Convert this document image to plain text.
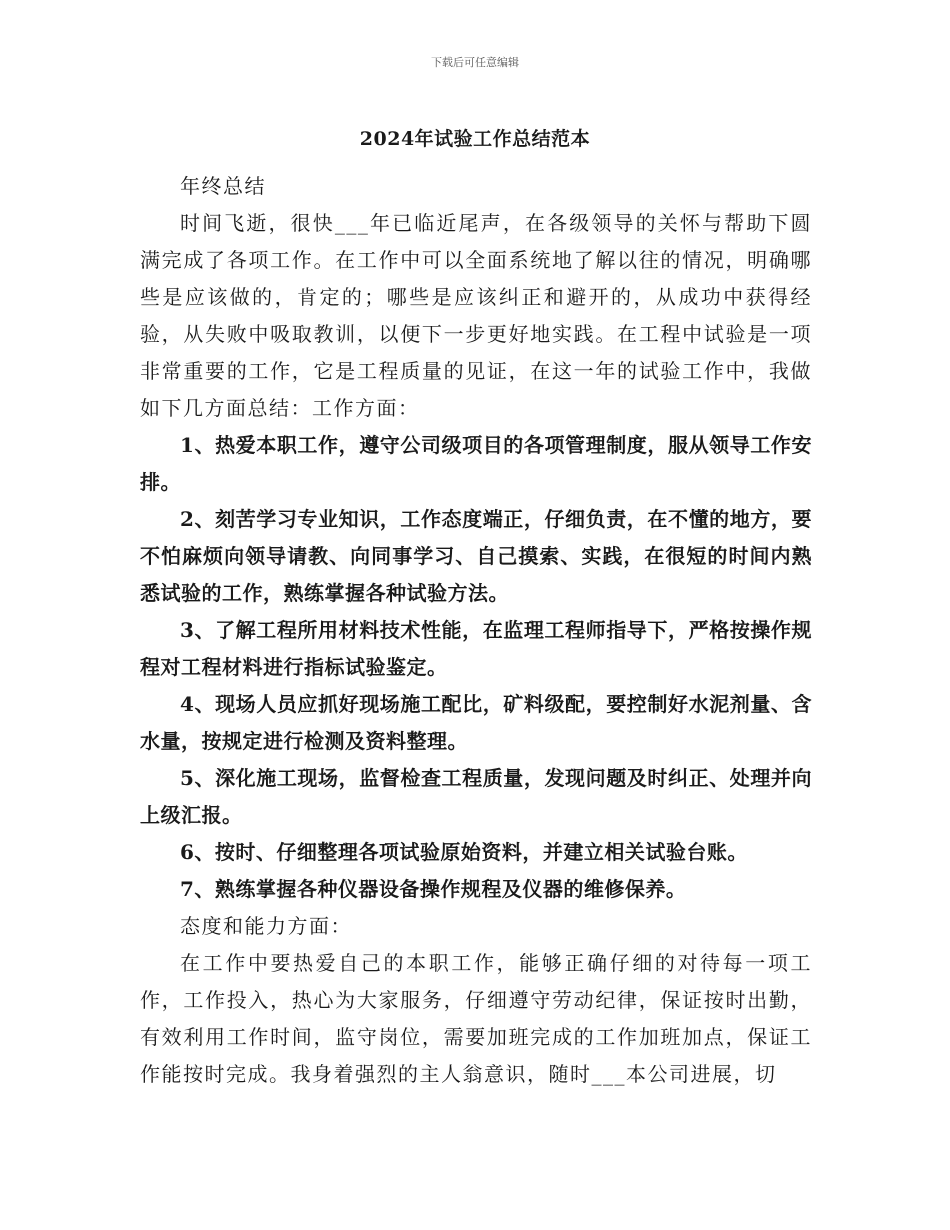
下载后可任意编辑
2024年试验工作总结范本

年终总结

时间飞逝，很快___年已临近尾声，在各级领导的关怀与帮助下圆满完成了各项工作。在工作中可以全面系统地了解以往的情况，明确哪些是应该做的，肯定的；哪些是应该纠正和避开的，从成功中获得经验，从失败中吸取教训，以便下一步更好地实践。在工程中试验是一项非常重要的工作，它是工程质量的见证，在这一年的试验工作中，我做如下几方面总结：工作方面：

1、热爱本职工作，遵守公司级项目的各项管理制度，服从领导工作安排。

2、刻苦学习专业知识，工作态度端正，仔细负责，在不懂的地方，要不怕麻烦向领导请教、向同事学习、自己摸索、实践，在很短的时间内熟悉试验的工作，熟练掌握各种试验方法。

3、了解工程所用材料技术性能，在监理工程师指导下，严格按操作规程对工程材料进行指标试验鉴定。

4、现场人员应抓好现场施工配比，矿料级配，要控制好水泥剂量、含水量，按规定进行检测及资料整理。

5、深化施工现场，监督检查工程质量，发现问题及时纠正、处理并向上级汇报。

6、按时、仔细整理各项试验原始资料，并建立相关试验台账。

7、熟练掌握各种仪器设备操作规程及仪器的维修保养。

态度和能力方面：

在工作中要热爱自己的本职工作，能够正确仔细的对待每一项工作，工作投入，热心为大家服务，仔细遵守劳动纪律，保证按时出勤，有效利用工作时间，监守岗位，需要加班完成的工作加班加点，保证工作能按时完成。我身着强烈的主人翁意识，随时___本公司进展，切
